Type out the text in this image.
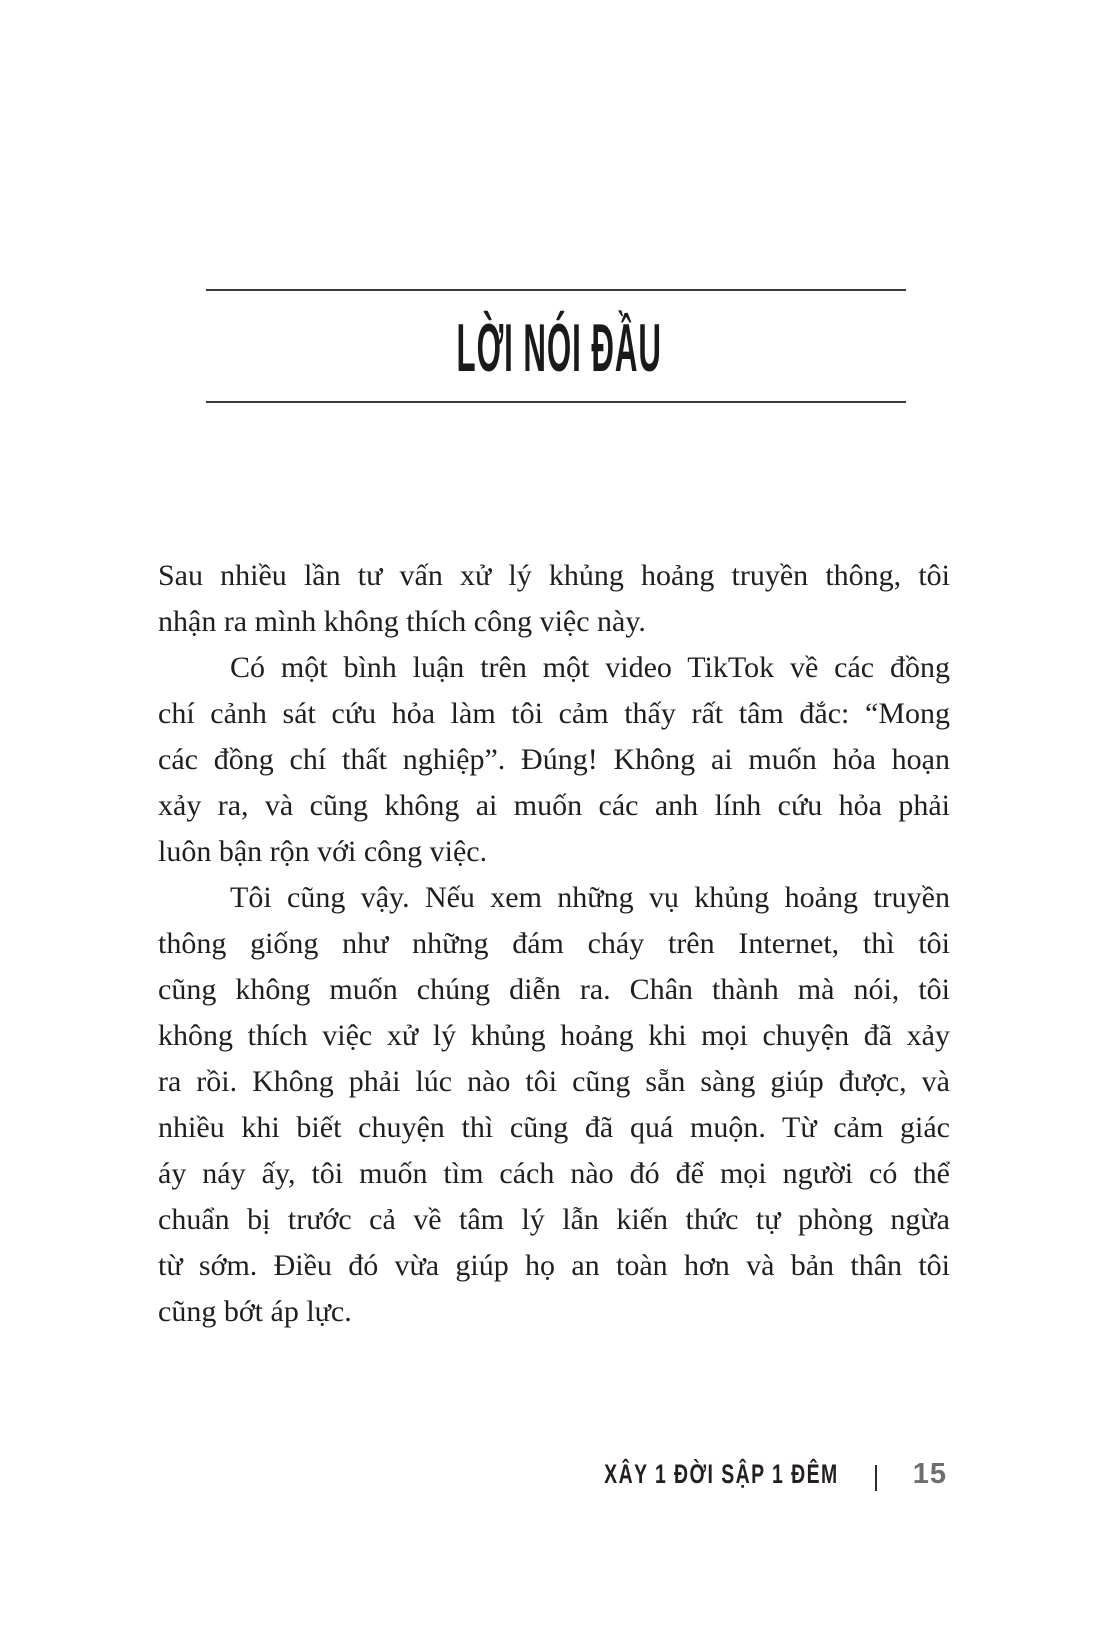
LỜI NÓI ĐẦU
Sau nhiều lần tư vấn xử lý khủng hoảng truyền thông, tôi
nhận ra mình không thích công việc này.
Có một bình luận trên một video TikTok về các đồng
chí cảnh sát cứu hỏa làm tôi cảm thấy rất tâm đắc: “Mong
các đồng chí thất nghiệp”. Đúng! Không ai muốn hỏa hoạn
xảy ra, và cũng không ai muốn các anh lính cứu hỏa phải
luôn bận rộn với công việc.
Tôi cũng vậy. Nếu xem những vụ khủng hoảng truyền
thông giống như những đám cháy trên Internet, thì tôi
cũng không muốn chúng diễn ra. Chân thành mà nói, tôi
không thích việc xử lý khủng hoảng khi mọi chuyện đã xảy
ra rồi. Không phải lúc nào tôi cũng sẵn sàng giúp được, và
nhiều khi biết chuyện thì cũng đã quá muộn. Từ cảm giác
áy náy ấy, tôi muốn tìm cách nào đó để mọi người có thể
chuẩn bị trước cả về tâm lý lẫn kiến thức tự phòng ngừa
từ sớm. Điều đó vừa giúp họ an toàn hơn và bản thân tôi
cũng bớt áp lực.
XÂY 1 ĐỜI SẬP 1 ĐÊM	15
